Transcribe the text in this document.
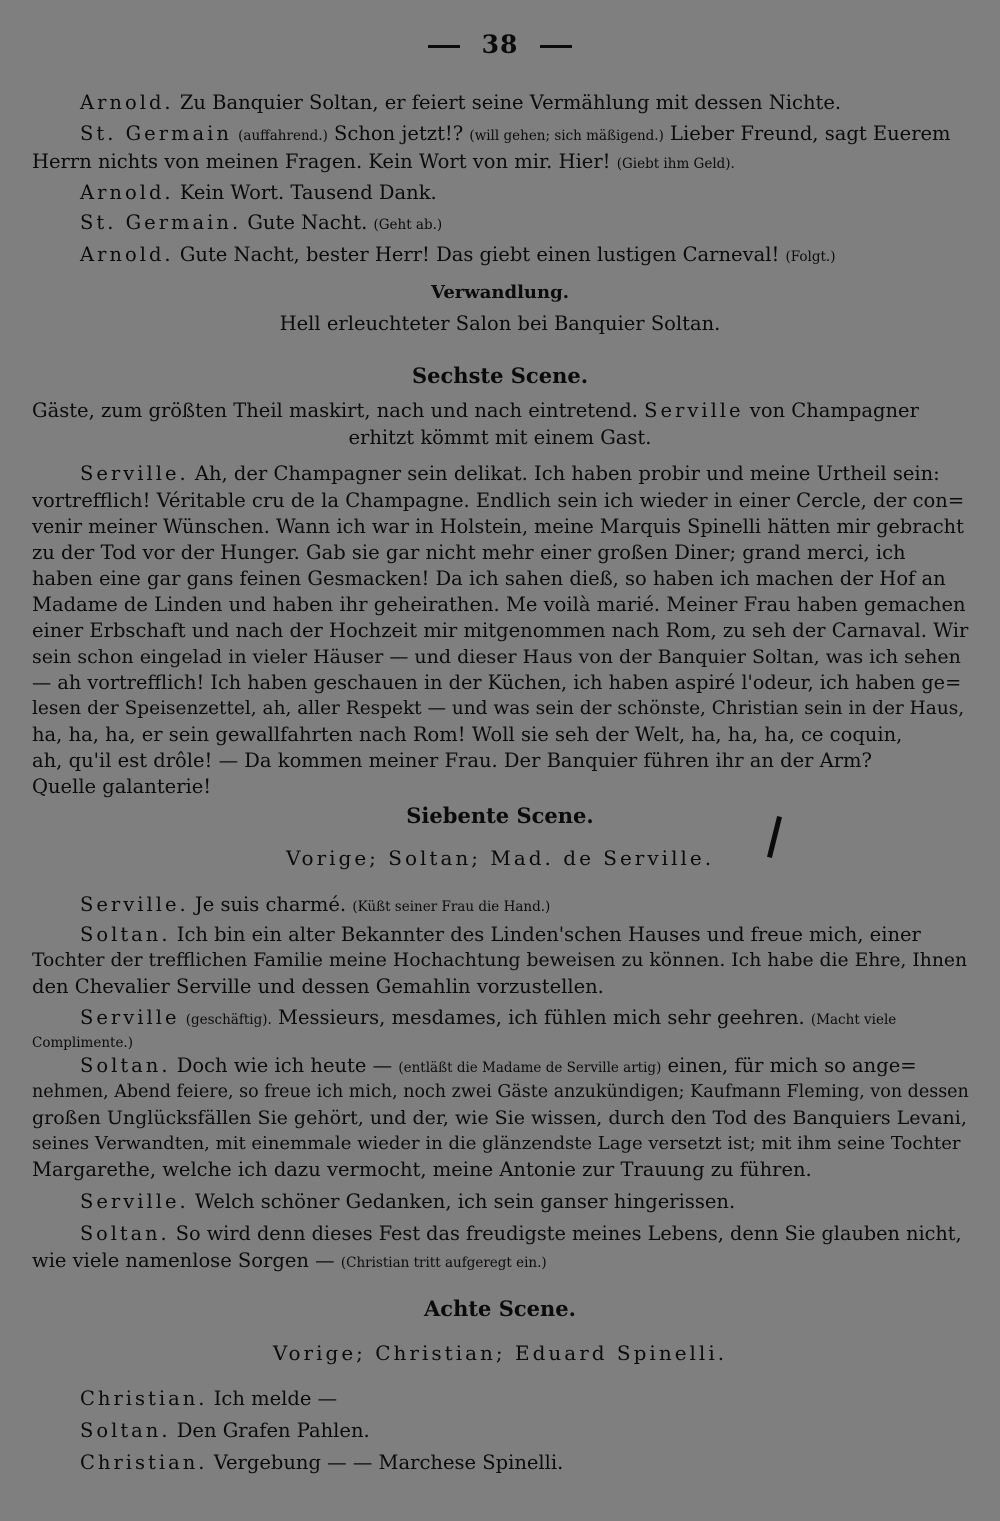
38
Arnold. Zu Banquier Soltan, er feiert seine Vermählung mit dessen Nichte.
St. Germain (auffahrend.) Schon jetzt!? (will gehen; sich mäßigend.) Lieber Freund, sagt Euerem
Herrn nichts von meinen Fragen. Kein Wort von mir. Hier! (Giebt ihm Geld).
Arnold. Kein Wort. Tausend Dank.
St. Germain. Gute Nacht. (Geht ab.)
Arnold. Gute Nacht, bester Herr! Das giebt einen lustigen Carneval! (Folgt.)
Verwandlung.
Hell erleuchteter Salon bei Banquier Soltan.
Sechste Scene.
Gäste, zum größten Theil maskirt, nach und nach eintretend. Serville von Champagner
erhitzt kömmt mit einem Gast.
Serville. Ah, der Champagner sein delikat. Ich haben probir und meine Urtheil sein:
vortrefflich! Véritable cru de la Champagne. Endlich sein ich wieder in einer Cercle, der con=
venir meiner Wünschen. Wann ich war in Holstein, meine Marquis Spinelli hätten mir gebracht
zu der Tod vor der Hunger. Gab sie gar nicht mehr einer großen Diner; grand merci, ich
haben eine gar gans feinen Gesmacken! Da ich sahen dieß, so haben ich machen der Hof an
Madame de Linden und haben ihr geheirathen. Me voilà marié. Meiner Frau haben gemachen
einer Erbschaft und nach der Hochzeit mir mitgenommen nach Rom, zu seh der Carnaval. Wir
sein schon eingelad in vieler Häuser — und dieser Haus von der Banquier Soltan, was ich sehen
— ah vortrefflich! Ich haben geschauen in der Küchen, ich haben aspiré l'odeur, ich haben ge=
lesen der Speisenzettel, ah, aller Respekt — und was sein der schönste, Christian sein in der Haus,
ha, ha, ha, er sein gewallfahrten nach Rom! Woll sie seh der Welt, ha, ha, ha, ce coquin,
ah, qu'il est drôle! — Da kommen meiner Frau. Der Banquier führen ihr an der Arm?
Quelle galanterie!
Siebente Scene.
Vorige; Soltan; Mad. de Serville.
Serville. Je suis charmé. (Küßt seiner Frau die Hand.)
Soltan. Ich bin ein alter Bekannter des Linden'schen Hauses und freue mich, einer
Tochter der trefflichen Familie meine Hochachtung beweisen zu können. Ich habe die Ehre, Ihnen
den Chevalier Serville und dessen Gemahlin vorzustellen.
Serville (geschäftig). Messieurs, mesdames, ich fühlen mich sehr geehren. (Macht viele
Complimente.)
Soltan. Doch wie ich heute — (entläßt die Madame de Serville artig) einen, für mich so ange=
nehmen, Abend feiere, so freue ich mich, noch zwei Gäste anzukündigen; Kaufmann Fleming, von dessen
großen Unglücksfällen Sie gehört, und der, wie Sie wissen, durch den Tod des Banquiers Levani,
seines Verwandten, mit einemmale wieder in die glänzendste Lage versetzt ist; mit ihm seine Tochter
Margarethe, welche ich dazu vermocht, meine Antonie zur Trauung zu führen.
Serville. Welch schöner Gedanken, ich sein ganser hingerissen.
Soltan. So wird denn dieses Fest das freudigste meines Lebens, denn Sie glauben nicht,
wie viele namenlose Sorgen — (Christian tritt aufgeregt ein.)
Achte Scene.
Vorige; Christian; Eduard Spinelli.
Christian. Ich melde —
Soltan. Den Grafen Pahlen.
Christian. Vergebung — — Marchese Spinelli.
